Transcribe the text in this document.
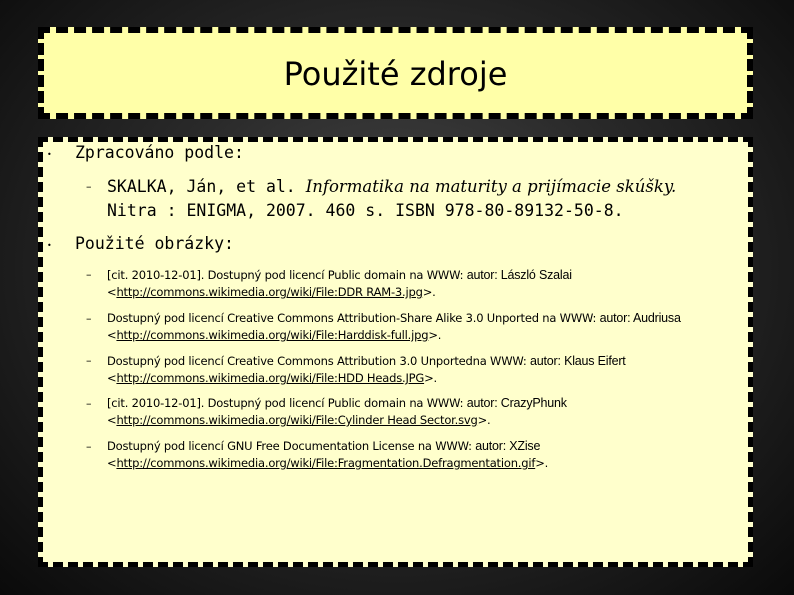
Použité zdroje
• Zpracováno podle:
– SKALKA, Ján, et al. Informatika na maturity a prijímacie skúšky.
Nitra : ENIGMA, 2007. 460 s. ISBN 978-80-89132-50-8.
• Použité obrázky:
– [cit. 2010-12-01]. Dostupný pod licencí Public domain na WWW: autor: László Szalai
<http://commons.wikimedia.org/wiki/File:DDR RAM-3.jpg>.
– Dostupný pod licencí Creative Commons Attribution-Share Alike 3.0 Unported na WWW: autor: Audriusa
<http://commons.wikimedia.org/wiki/File:Harddisk-full.jpg>.
– Dostupný pod licencí Creative Commons Attribution 3.0 Unportedna WWW: autor: Klaus Eifert
<http://commons.wikimedia.org/wiki/File:HDD Heads.JPG>.
– [cit. 2010-12-01]. Dostupný pod licencí Public domain na WWW: autor: CrazyPhunk
<http://commons.wikimedia.org/wiki/File:Cylinder Head Sector.svg>.
– Dostupný pod licencí GNU Free Documentation License na WWW: autor: XZise
<http://commons.wikimedia.org/wiki/File:Fragmentation.Defragmentation.gif>.
